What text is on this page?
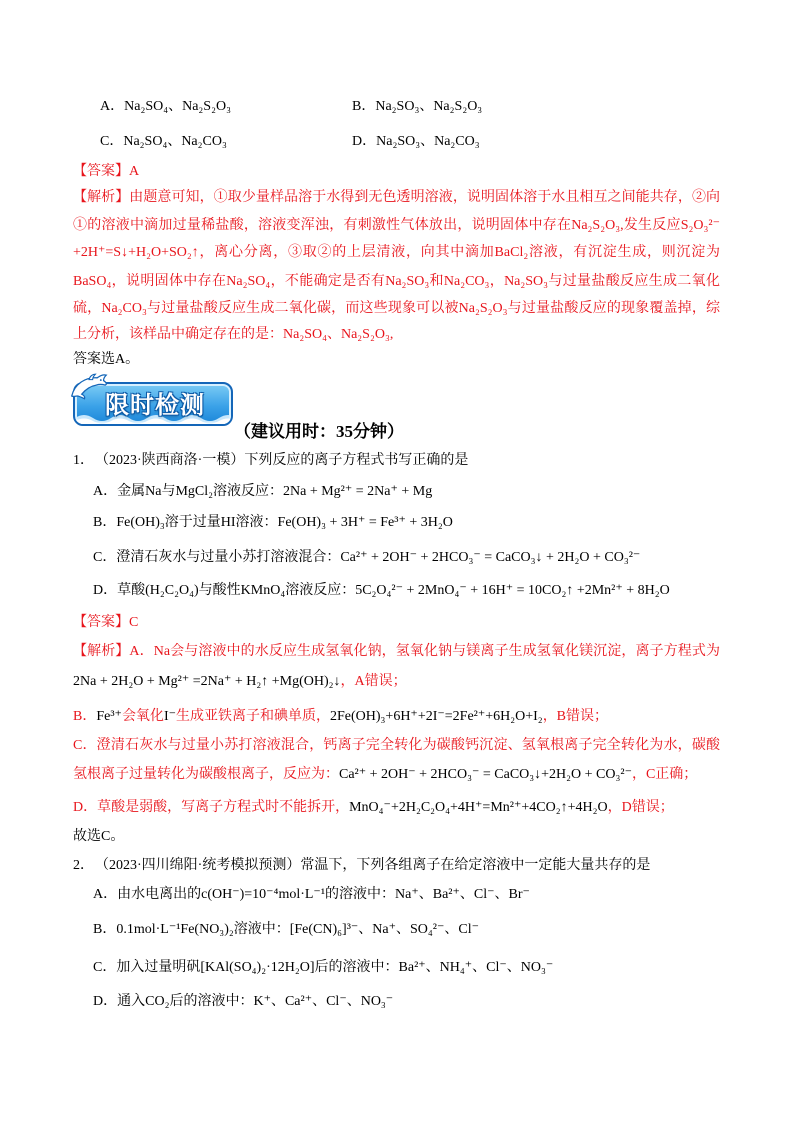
A．Na₂SO₄、Na₂S₂O₃	B．Na₂SO₃、Na₂S₂O₃
C．Na₂SO₄、Na₂CO₃	D．Na₂SO₃、Na₂CO₃
【答案】A
【解析】由题意可知，①取少量样品溶于水得到无色透明溶液，说明固体溶于水且相互之间能共存，②向
①的溶液中滴加过量稀盐酸，溶液变浑浊，有刺激性气体放出，说明固体中存在Na₂S₂O₃,发生反应S₂O₃²⁻
+2H⁺=S↓+H₂O+SO₂↑，离心分离，③取②的上层清液，向其中滴加BaCl₂溶液，有沉淀生成，则沉淀为
BaSO₄，说明固体中存在Na₂SO₄，不能确定是否有Na₂SO₃和Na₂CO₃，Na₂SO₃与过量盐酸反应生成二氧化
硫，Na₂CO₃与过量盐酸反应生成二氧化碳，而这些现象可以被Na₂S₂O₃与过量盐酸反应的现象覆盖掉，综
上分析，该样品中确定存在的是：Na₂SO₄、Na₂S₂O₃,
答案选A。
限时检测
（建议用时：35分钟）
1． （2023·陕西商洛·一模）下列反应的离子方程式书写正确的是
A．金属Na与MgCl₂溶液反应：2Na + Mg²⁺ = 2Na⁺ + Mg
B．Fe(OH)₃溶于过量HI溶液：Fe(OH)₃ + 3H⁺ = Fe³⁺ + 3H₂O
C．澄清石灰水与过量小苏打溶液混合：Ca²⁺ + 2OH⁻ + 2HCO₃⁻ = CaCO₃↓ + 2H₂O + CO₃²⁻
D．草酸(H₂C₂O₄)与酸性KMnO₄溶液反应：5C₂O₄²⁻ + 2MnO₄⁻ + 16H⁺ = 10CO₂↑ +2Mn²⁺ + 8H₂O
【答案】C
【解析】A．Na会与溶液中的水反应生成氢氧化钠，氢氧化钠与镁离子生成氢氧化镁沉淀，离子方程式为
2Na + 2H₂O + Mg²⁺ =2Na⁺ + H₂↑ +Mg(OH)₂↓，A错误；
B．Fe³⁺会氧化I⁻生成亚铁离子和碘单质，2Fe(OH)₃+6H⁺+2I⁻=2Fe²⁺+6H₂O+I₂，B错误；
C．澄清石灰水与过量小苏打溶液混合，钙离子完全转化为碳酸钙沉淀、氢氧根离子完全转化为水，碳酸
氢根离子过量转化为碳酸根离子，反应为：Ca²⁺ + 2OH⁻ + 2HCO₃⁻ = CaCO₃↓+2H₂O + CO₃²⁻，C正确；
D．草酸是弱酸，写离子方程式时不能拆开，MnO₄⁻+2H₂C₂O₄+4H⁺=Mn²⁺+4CO₂↑+4H₂O，D错误；
故选C。
2． （2023·四川绵阳·统考模拟预测）常温下，下列各组离子在给定溶液中一定能大量共存的是
A．由水电离出的c(OH⁻)=10⁻⁴mol·L⁻¹的溶液中：Na⁺、Ba²⁺、Cl⁻、Br⁻
B．0.1mol·L⁻¹Fe(NO₃)₂溶液中：[Fe(CN)₆]³⁻、Na⁺、SO₄²⁻、Cl⁻
C．加入过量明矾[KAl(SO₄)₂·12H₂O]后的溶液中：Ba²⁺、NH₄⁺、Cl⁻、NO₃⁻
D．通入CO₂后的溶液中：K⁺、Ca²⁺、Cl⁻、NO₃⁻
